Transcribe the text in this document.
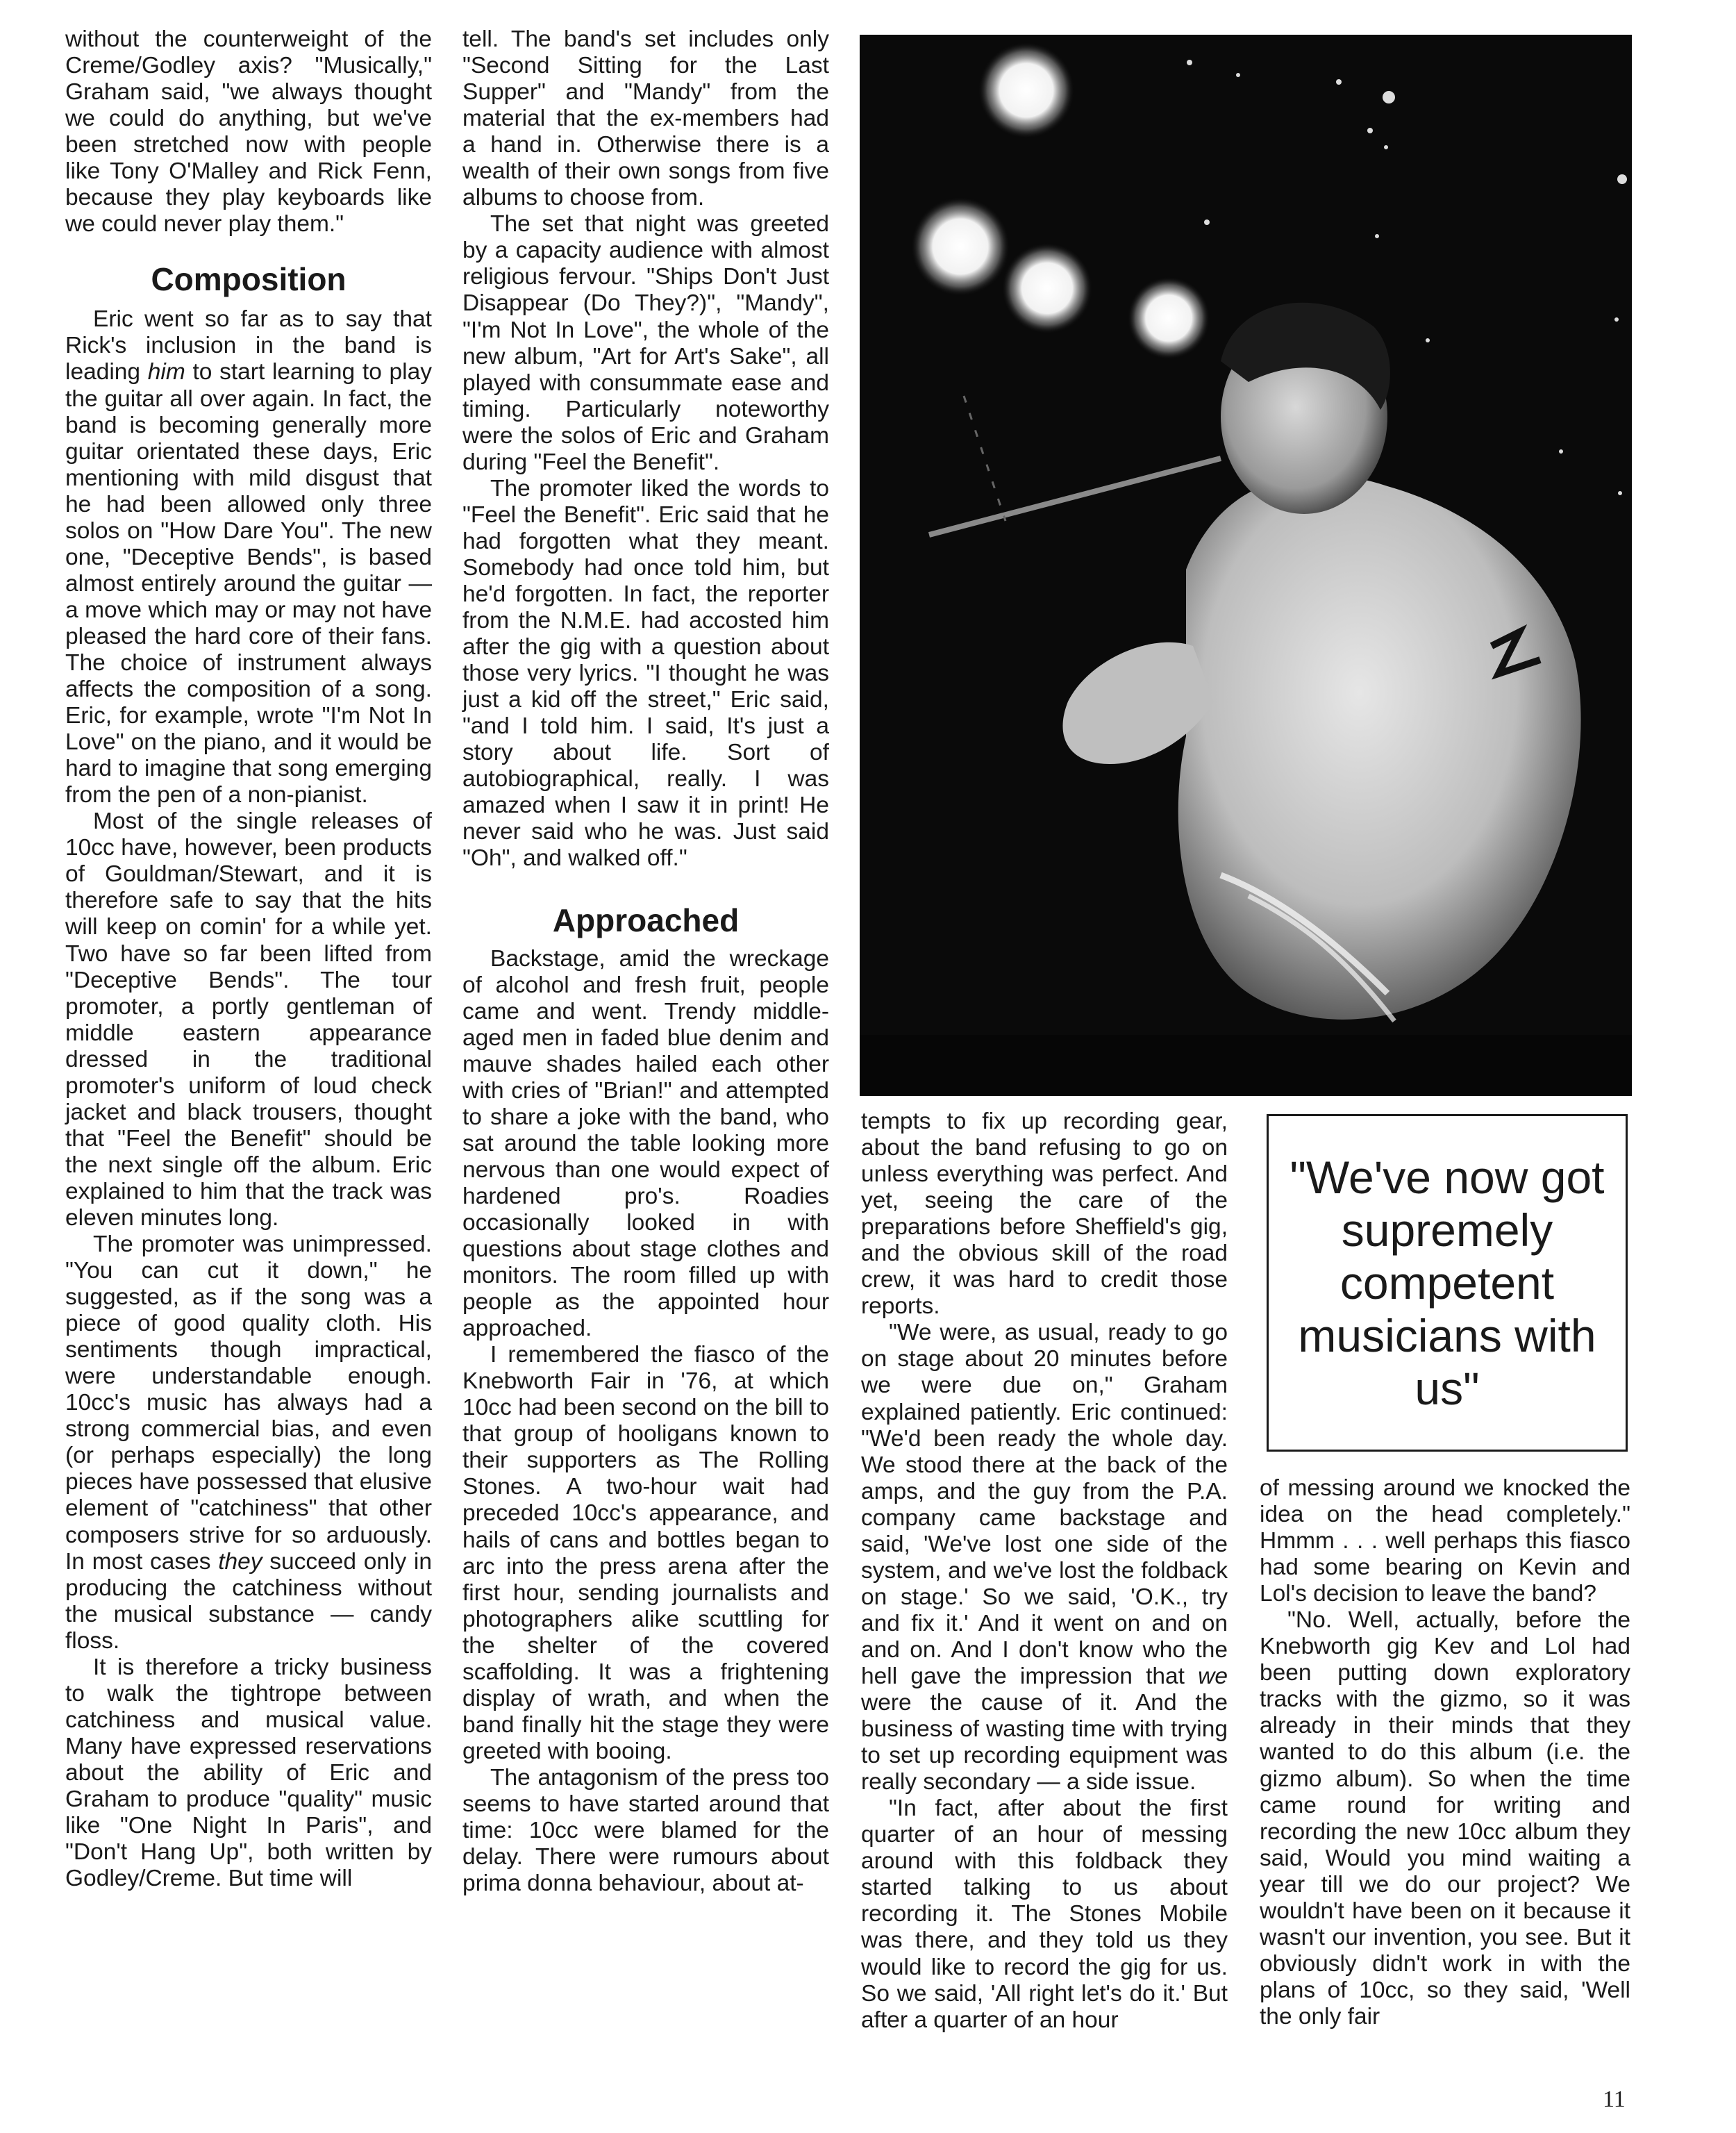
without the counterweight of the Creme/Godley axis? "Musically," Graham said, "we always thought we could do anything, but we've been stretched now with people like Tony O'Malley and Rick Fenn, because they play keyboards like we could never play them."

Composition

Eric went so far as to say that Rick's inclusion in the band is leading him to start learning to play the guitar all over again. In fact, the band is becoming generally more guitar orientated these days, Eric mentioning with mild disgust that he had been allowed only three solos on "How Dare You". The new one, "Deceptive Bends", is based almost entirely around the guitar — a move which may or may not have pleased the hard core of their fans. The choice of instrument always affects the composition of a song. Eric, for example, wrote "I'm Not In Love" on the piano, and it would be hard to imagine that song emerging from the pen of a non-pianist.

Most of the single releases of 10cc have, however, been products of Gouldman/Stewart, and it is therefore safe to say that the hits will keep on comin' for a while yet. Two have so far been lifted from "Deceptive Bends". The tour promoter, a portly gentleman of middle eastern appearance dressed in the traditional promoter's uniform of loud check jacket and black trousers, thought that "Feel the Benefit" should be the next single off the album. Eric explained to him that the track was eleven minutes long.

The promoter was unimpressed. "You can cut it down," he suggested, as if the song was a piece of good quality cloth. His sentiments though impractical, were understandable enough. 10cc's music has always had a strong commercial bias, and even (or perhaps especially) the long pieces have possessed that elusive element of "catchiness" that other composers strive for so arduously. In most cases they succeed only in producing the catchiness without the musical substance — candy floss.

It is therefore a tricky business to walk the tightrope between catchiness and musical value. Many have expressed reservations about the ability of Eric and Graham to produce "quality" music like "One Night In Paris", and "Don't Hang Up", both written by Godley/Creme. But time will

tell. The band's set includes only "Second Sitting for the Last Supper" and "Mandy" from the material that the ex-members had a hand in. Otherwise there is a wealth of their own songs from five albums to choose from.

The set that night was greeted by a capacity audience with almost religious fervour. "Ships Don't Just Disappear (Do They?)", "Mandy", "I'm Not In Love", the whole of the new album, "Art for Art's Sake", all played with consummate ease and timing. Particularly noteworthy were the solos of Eric and Graham during "Feel the Benefit".

The promoter liked the words to "Feel the Benefit". Eric said that he had forgotten what they meant. Somebody had once told him, but he'd forgotten. In fact, the reporter from the N.M.E. had accosted him after the gig with a question about those very lyrics. "I thought he was just a kid off the street," Eric said, "and I told him. I said, It's just a story about life. Sort of autobiographical, really. I was amazed when I saw it in print! He never said who he was. Just said "Oh", and walked off."

Approached

Backstage, amid the wreckage of alcohol and fresh fruit, people came and went. Trendy middle-aged men in faded blue denim and mauve shades hailed each other with cries of "Brian!" and attempted to share a joke with the band, who sat around the table looking more nervous than one would expect of hardened pro's. Roadies occasionally looked in with questions about stage clothes and monitors. The room filled up with people as the appointed hour approached.

I remembered the fiasco of the Knebworth Fair in '76, at which 10cc had been second on the bill to that group of hooligans known to their supporters as The Rolling Stones. A two-hour wait had preceded 10cc's appearance, and hails of cans and bottles began to arc into the press arena after the first hour, sending journalists and photographers alike scuttling for the shelter of the covered scaffolding. It was a frightening display of wrath, and when the band finally hit the stage they were greeted with booing.

The antagonism of the press too seems to have started around that time: 10cc were blamed for the delay. There were rumours about prima donna behaviour, about at-

tempts to fix up recording gear, about the band refusing to go on unless everything was perfect. And yet, seeing the care of the preparations before Sheffield's gig, and the obvious skill of the road crew, it was hard to credit those reports.

"We were, as usual, ready to go on stage about 20 minutes before we were due on," Graham explained patiently. Eric continued: "We'd been ready the whole day. We stood there at the back of the amps, and the guy from the P.A. company came backstage and said, 'We've lost one side of the system, and we've lost the foldback on stage.' So we said, 'O.K., try and fix it.' And it went on and on and on. And I don't know who the hell gave the impression that we were the cause of it. And the business of wasting time with trying to set up recording equipment was really secondary — a side issue.

"In fact, after about the first quarter of an hour of messing around with this foldback they started talking to us about recording it. The Stones Mobile was there, and they told us they would like to record the gig for us. So we said, 'All right let's do it.' But after a quarter of an hour

"We've now got supremely competent musicians with us"

of messing around we knocked the idea on the head completely." Hmmm . . . well perhaps this fiasco had some bearing on Kevin and Lol's decision to leave the band?

"No. Well, actually, before the Knebworth gig Kev and Lol had been putting down exploratory tracks with the gizmo, so it was already in their minds that they wanted to do this album (i.e. the gizmo album). So when the time came round for writing and recording the new 10cc album they said, Would you mind waiting a year till we do our project? We wouldn't have been on it because it wasn't our invention, you see. But it obviously didn't work in with the plans of 10cc, so they said, 'Well the only fair

11
